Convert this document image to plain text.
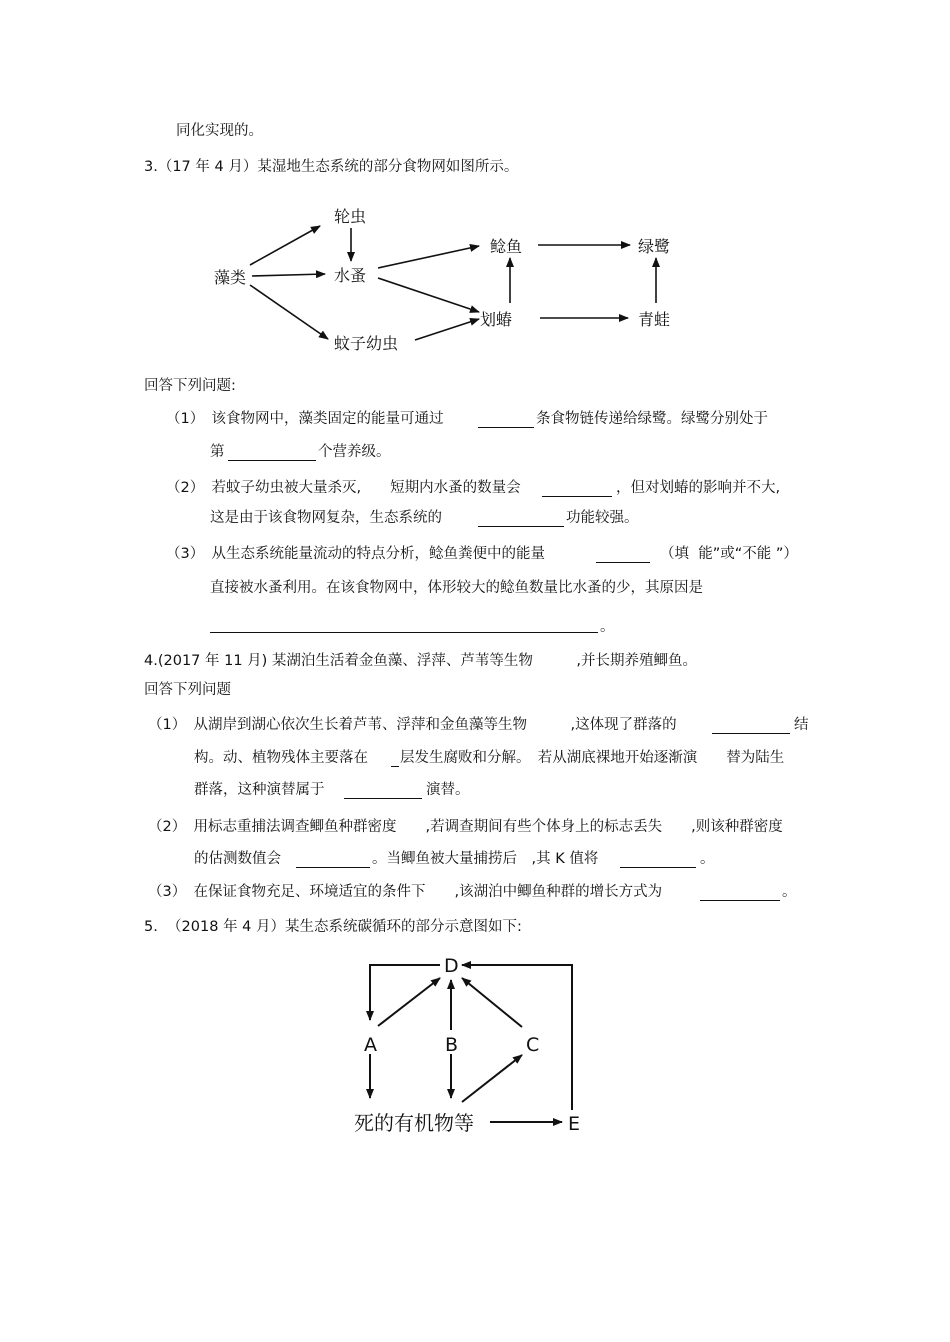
同化实现的。
3.（17 年 4 月）某湿地生态系统的部分食物网如图所示。
藻类
轮虫
水蚤
蚊子幼虫
鲶鱼
划蝽
绿鹭
青蛙
回答下列问题:
（1）　该食物网中，藻类固定的能量可通过	条食物链传递给绿鹭。绿鹭分别处于
第	个营养级。
（2）　若蚊子幼虫被大量杀灭,　　短期内水蚤的数量会	，但对划蝽的影响并不大,
这是由于该食物网复杂，生态系统的	功能较强。
（3）　从生态系统能量流动的特点分析，鲶鱼粪便中的能量	（填  能”或“不能 ”）
直接被水蚤利用。在该食物网中，体形较大的鲶鱼数量比水蚤的少，其原因是
。
4.(2017 年 11 月) 某湖泊生活着金鱼藻、浮萍、芦苇等生物　　　,并长期养殖鲫鱼。
回答下列问题
（1）　从湖岸到湖心依次生长着芦苇、浮萍和金鱼藻等生物　　　,这体现了群落的	结
构。动、植物残体主要落在 层发生腐败和分解。　若从湖底裸地开始逐渐演　　替为陆生
群落，这种演替属于	演替。
（2）　用标志重捕法调查鲫鱼种群密度　　,若调查期间有些个体身上的标志丢失　　,则该种群密度
的估测数值会	。当鲫鱼被大量捕捞后　,其 K 值将	。
（3）　在保证食物充足、环境适宜的条件下　　,该湖泊中鲫鱼种群的增长方式为	。
5.  （2018 年 4 月）某生态系统碳循环的部分示意图如下:
D
A	B	C
死的有机物等	E
